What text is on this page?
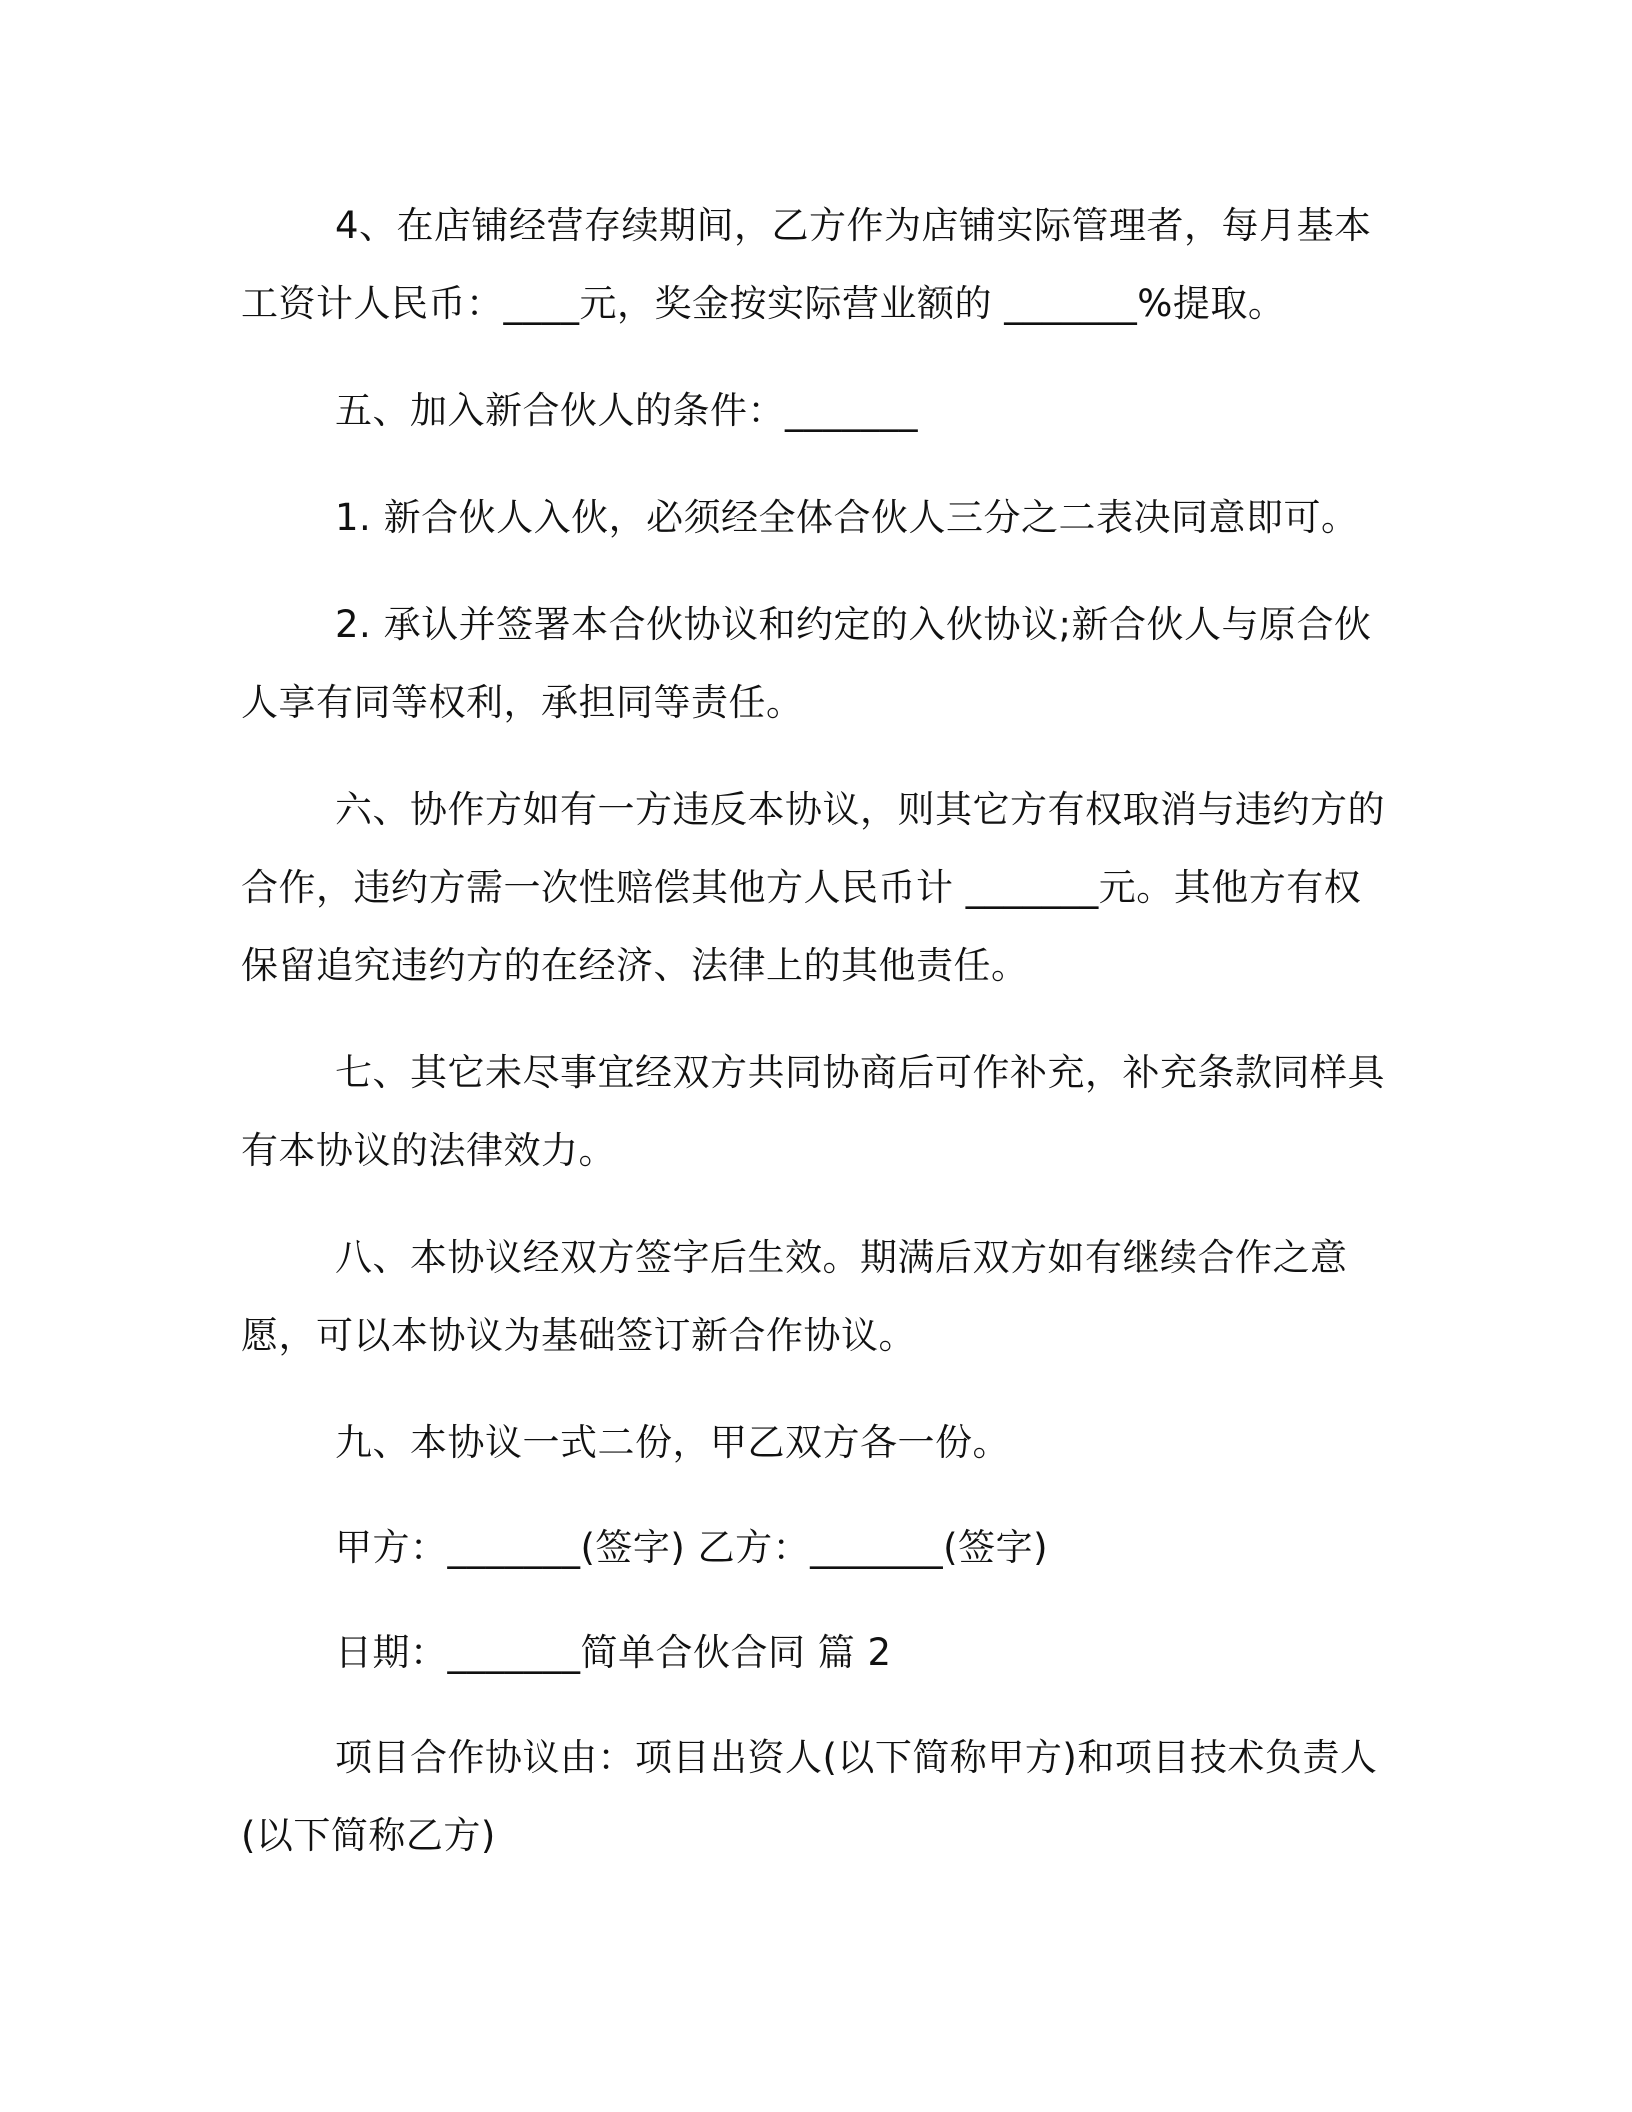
4、在店铺经营存续期间，乙方作为店铺实际管理者，每月基本工资计人民币：____元，奖金按实际营业额的 _______%提取。

五、加入新合伙人的条件：_______

1. 新合伙人入伙，必须经全体合伙人三分之二表决同意即可。

2. 承认并签署本合伙协议和约定的入伙协议;新合伙人与原合伙人享有同等权利，承担同等责任。

六、协作方如有一方违反本协议，则其它方有权取消与违约方的合作，违约方需一次性赔偿其他方人民币计 _______元。其他方有权保留追究违约方的在经济、法律上的其他责任。

七、其它未尽事宜经双方共同协商后可作补充，补充条款同样具有本协议的法律效力。

八、本协议经双方签字后生效。期满后双方如有继续合作之意愿，可以本协议为基础签订新合作协议。

九、本协议一式二份，甲乙双方各一份。

甲方：_______(签字) 乙方：_______(签字)

日期：_______简单合伙合同 篇 2

项目合作协议由：项目出资人(以下简称甲方)和项目技术负责人(以下简称乙方)
